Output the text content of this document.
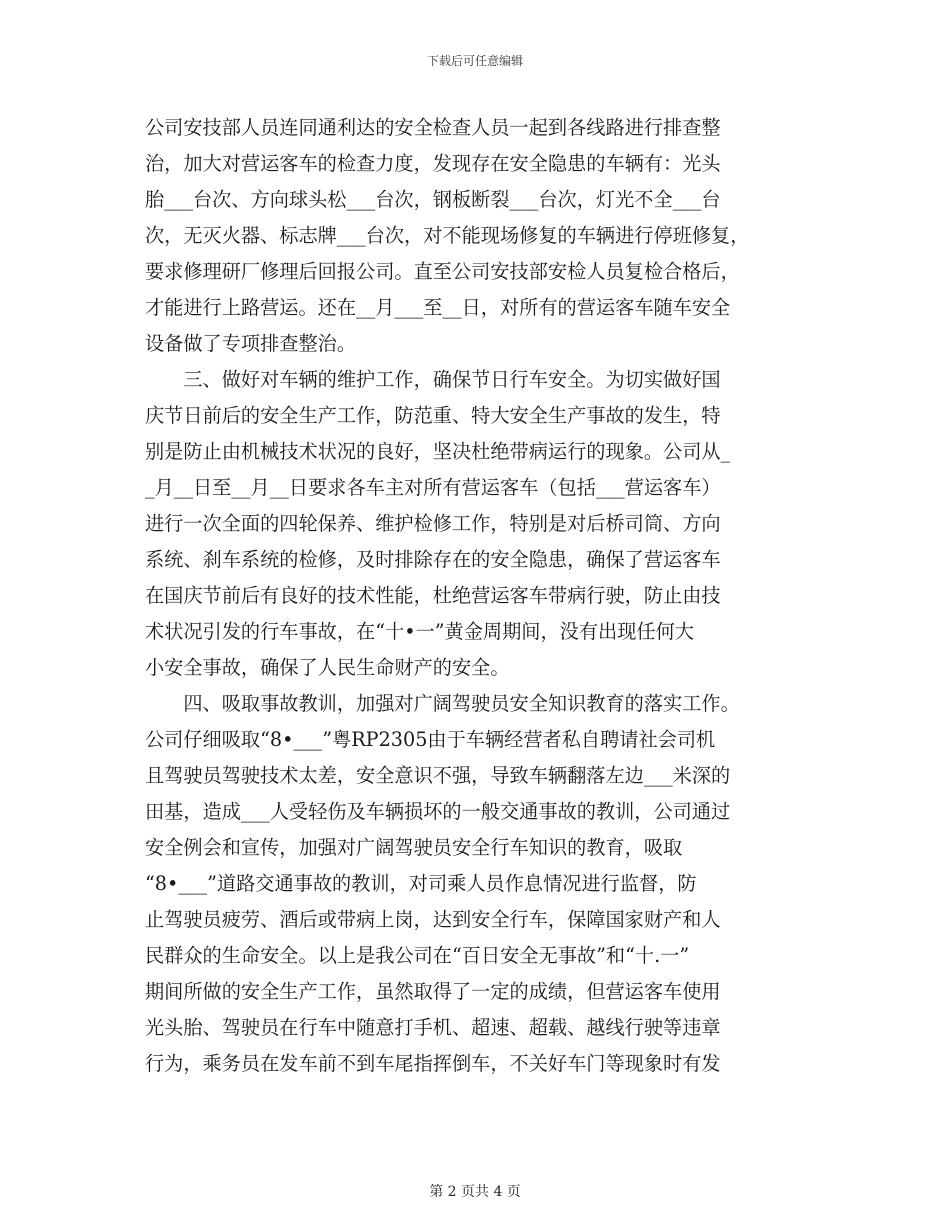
下载后可任意编辑
公司安技部人员连同通利达的安全检查人员一起到各线路进行排查整
治，加大对营运客车的检查力度，发现存在安全隐患的车辆有：光头
胎___台次、方向球头松___台次，钢板断裂___台次，灯光不全___台
次，无灭火器、标志牌___台次，对不能现场修复的车辆进行停班修复，
要求修理研厂修理后回报公司。直至公司安技部安检人员复检合格后，
才能进行上路营运。还在__月___至__日，对所有的营运客车随车安全
设备做了专项排查整治。
　　三、做好对车辆的维护工作，确保节日行车安全。为切实做好国
庆节日前后的安全生产工作，防范重、特大安全生产事故的发生，特
别是防止由机械技术状况的良好，坚决杜绝带病运行的现象。公司从_
_月__日至__月__日要求各车主对所有营运客车（包括___营运客车）
进行一次全面的四轮保养、维护检修工作，特别是对后桥司筒、方向
系统、刹车系统的检修，及时排除存在的安全隐患，确保了营运客车
在国庆节前后有良好的技术性能，杜绝营运客车带病行驶，防止由技
术状况引发的行车事故，在“十•一”黄金周期间，没有出现任何大
小安全事故，确保了人民生命财产的安全。
　　四、吸取事故教训，加强对广阔驾驶员安全知识教育的落实工作。
公司仔细吸取“8•___”粤RP2305由于车辆经营者私自聘请社会司机
且驾驶员驾驶技术太差，安全意识不强，导致车辆翻落左边___米深的
田基，造成___人受轻伤及车辆损坏的一般交通事故的教训，公司通过
安全例会和宣传，加强对广阔驾驶员安全行车知识的教育，吸取
“8•___”道路交通事故的教训，对司乘人员作息情况进行监督，防
止驾驶员疲劳、酒后或带病上岗，达到安全行车，保障国家财产和人
民群众的生命安全。以上是我公司在“百日安全无事故”和“十.一”
期间所做的安全生产工作，虽然取得了一定的成绩，但营运客车使用
光头胎、驾驶员在行车中随意打手机、超速、超载、越线行驶等违章
行为，乘务员在发车前不到车尾指挥倒车，不关好车门等现象时有发
第 2 页共 4 页
